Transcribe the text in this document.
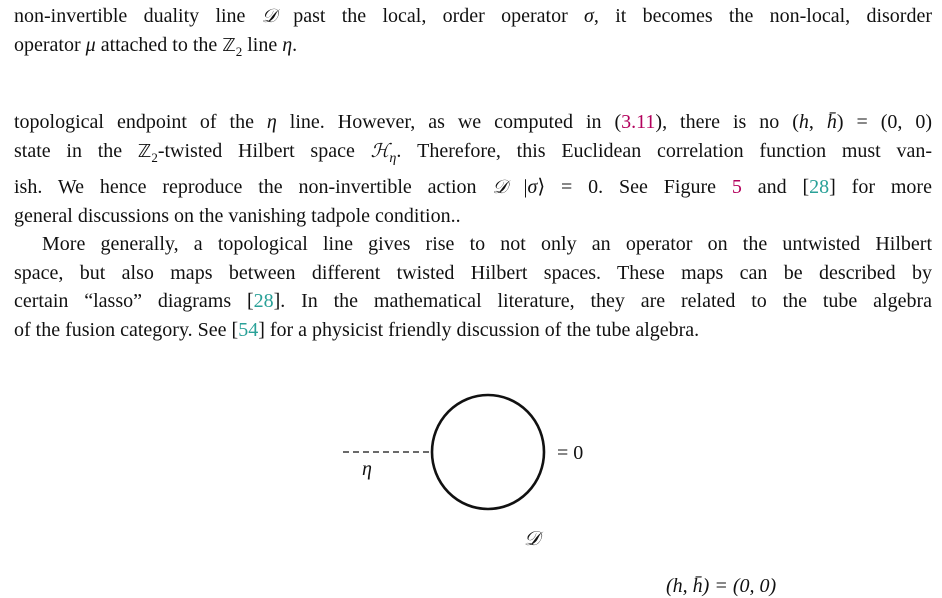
non-invertible duality line 𝒟 past the local, order operator σ, it becomes the non-local, disorder
operator μ attached to the ℤ$_2$ line η.
topological endpoint of the η line. However, as we computed in (3.11), there is no (h, h̄) = (0, 0)
state in the ℤ$_2$-twisted Hilbert space ℋ$_\eta$. Therefore, this Euclidean correlation function must van-
ish. We hence reproduce the non-invertible action 𝒟 |σ⟩ = 0. See Figure 5 and [28] for more
general discussions on the vanishing tadpole condition..
More generally, a topological line gives rise to not only an operator on the untwisted Hilbert
space, but also maps between different twisted Hilbert spaces. These maps can be described by
certain “lasso” diagrams [28]. In the mathematical literature, they are related to the tube algebra
of the fusion category. See [54] for a physicist friendly discussion of the tube algebra.
η
= 0
𝒟
(h, h̄) = (0, 0)
